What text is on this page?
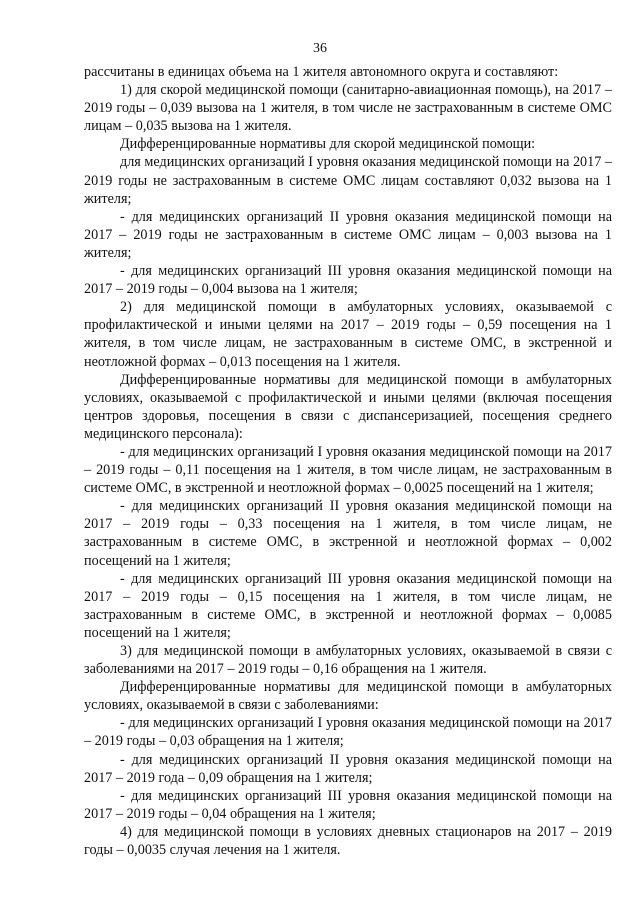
36

рассчитаны в единицах объема на 1 жителя автономного округа и составляют:

1) для скорой медицинской помощи (санитарно-авиационная помощь), на 2017 – 2019 годы – 0,039 вызова на 1 жителя, в том числе не застрахованным в системе ОМС лицам – 0,035 вызова на 1 жителя.

Дифференцированные нормативы для скорой медицинской помощи:

для медицинских организаций I уровня оказания медицинской помощи на 2017 – 2019 годы не застрахованным в системе ОМС лицам составляют 0,032 вызова на 1 жителя;

- для медицинских организаций II уровня оказания медицинской помощи на 2017 – 2019 годы не застрахованным в системе ОМС лицам – 0,003 вызова на 1 жителя;

- для медицинских организаций III уровня оказания медицинской помощи на 2017 – 2019 годы – 0,004 вызова на 1 жителя;

2) для медицинской помощи в амбулаторных условиях, оказываемой с профилактической и иными целями на 2017 – 2019 годы – 0,59 посещения на 1 жителя, в том числе лицам, не застрахованным в системе ОМС, в экстренной и неотложной формах – 0,013 посещения на 1 жителя.

Дифференцированные нормативы для медицинской помощи в амбулаторных условиях, оказываемой с профилактической и иными целями (включая посещения центров здоровья, посещения в связи с диспансеризацией, посещения среднего медицинского персонала):

- для медицинских организаций I уровня оказания медицинской помощи на 2017 – 2019 годы – 0,11 посещения на 1 жителя, в том числе лицам, не застрахованным в системе ОМС, в экстренной и неотложной формах – 0,0025 посещений на 1 жителя;

- для медицинских организаций II уровня оказания медицинской помощи на 2017 – 2019 годы – 0,33 посещения на 1 жителя, в том числе лицам, не застрахованным в системе ОМС, в экстренной и неотложной формах – 0,002 посещений на 1 жителя;

- для медицинских организаций III уровня оказания медицинской помощи на 2017 – 2019 годы – 0,15 посещения на 1 жителя, в том числе лицам, не застрахованным в системе ОМС, в экстренной и неотложной формах – 0,0085 посещений на 1 жителя;

3) для медицинской помощи в амбулаторных условиях, оказываемой в связи с заболеваниями на 2017 – 2019 годы – 0,16 обращения на 1 жителя.

Дифференцированные нормативы для медицинской помощи в амбулаторных условиях, оказываемой в связи с заболеваниями:

- для медицинских организаций I уровня оказания медицинской помощи на 2017 – 2019 годы – 0,03 обращения на 1 жителя;

- для медицинских организаций II уровня оказания медицинской помощи на 2017 – 2019 года – 0,09 обращения на 1 жителя;

- для медицинских организаций III уровня оказания медицинской помощи на 2017 – 2019 годы – 0,04 обращения на 1 жителя;

4) для медицинской помощи в условиях дневных стационаров на 2017 – 2019 годы – 0,0035 случая лечения на 1 жителя.
